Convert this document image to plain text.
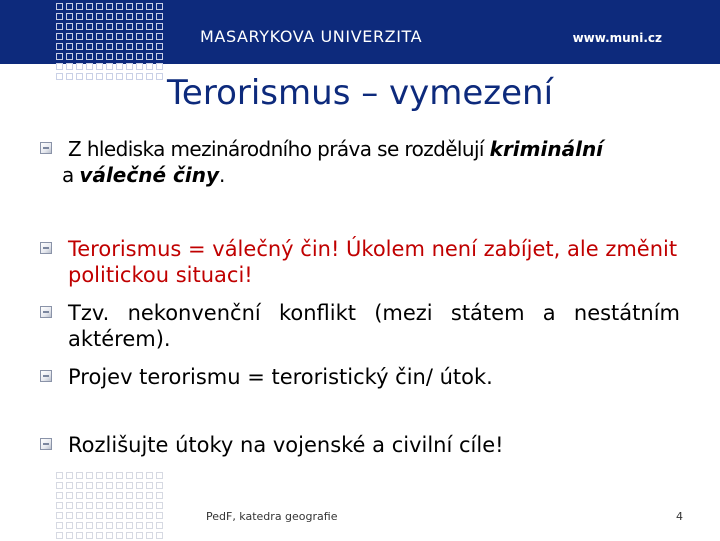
MASARYKOVA UNIVERZITA	www.muni.cz
Terorismus – vymezení
Z hlediska mezinárodního práva se rozdělují kriminální
a válečné činy.
Terorismus = válečný čin! Úkolem není zabíjet, ale změnit politickou situaci!
Tzv. nekonvenční konflikt (mezi státem a nestátním aktérem).
Projev terorismu = teroristický čin/ útok.
Rozlišujte útoky na vojenské a civilní cíle!
PedF, katedra geografie	4
